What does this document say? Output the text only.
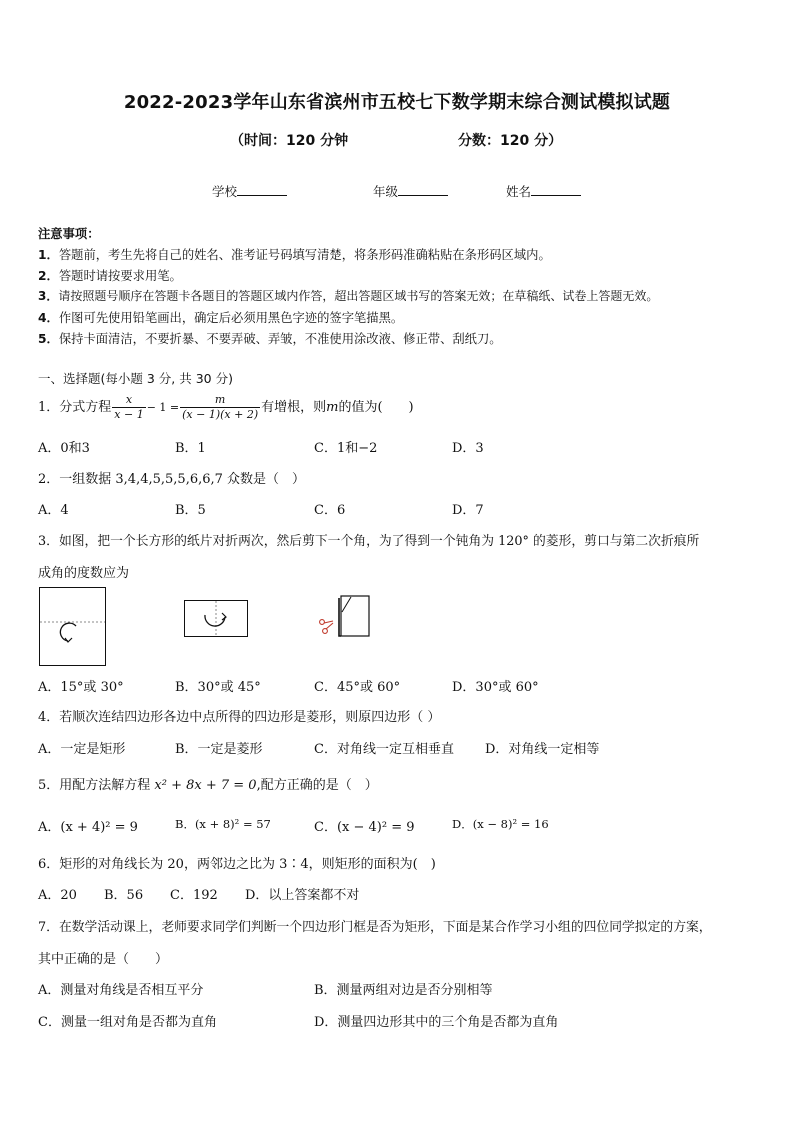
2022-2023学年山东省滨州市五校七下数学期末综合测试模拟试题
（时间：120 分钟	分数：120 分）
学校	年级	姓名
注意事项：
1．答题前，考生先将自己的姓名、准考证号码填写清楚，将条形码准确粘贴在条形码区域内。
2．答题时请按要求用笔。
3．请按照题号顺序在答题卡各题目的答题区域内作答，超出答题区域书写的答案无效；在草稿纸、试卷上答题无效。
4．作图可先使用铅笔画出，确定后必须用黑色字迹的签字笔描黑。
5．保持卡面清洁，不要折暴、不要弄破、弄皱，不准使用涂改液、修正带、刮纸刀。
一、选择题(每小题 3 分, 共 30 分)
1．分式方程 $\frac{x}{x - 1} - 1 = \frac{m}{(x - 1)(x + 2)}$ 有增根，则m的值为(　　)
A．0和3	B．1	C．1和−2	D．3
2．一组数据 3,4,4,5,5,5,6,6,7 众数是（　）
A．4	B．5	C．6	D．7
3．如图，把一个长方形的纸片对折两次，然后剪下一个角，为了得到一个钝角为 120° 的菱形，剪口与第二次折痕所
成角的度数应为
A．15°或 30°	B．30°或 45°	C．45°或 60°	D．30°或 60°
4．若顺次连结四边形各边中点所得的四边形是菱形，则原四边形（ ）
A．一定是矩形	B．一定是菱形	C．对角线一定互相垂直 D．对角线一定相等
5．用配方法解方程 x² + 8x + 7 = 0,配方正确的是（　）
A．(x + 4)² = 9	B．(x + 8)² = 57	C．(x − 4)² = 9	D．(x − 8)² = 16
6．矩形的对角线长为 20，两邻边之比为 3∶4，则矩形的面积为(　)
A．20 B．56 C．192 D．以上答案都不对
7．在数学活动课上，老师要求同学们判断一个四边形门框是否为矩形，下面是某合作学习小组的四位同学拟定的方案，
其中正确的是（　　）
A．测量对角线是否相互平分	B．测量两组对边是否分别相等
C．测量一组对角是否都为直角	D．测量四边形其中的三个角是否都为直角
